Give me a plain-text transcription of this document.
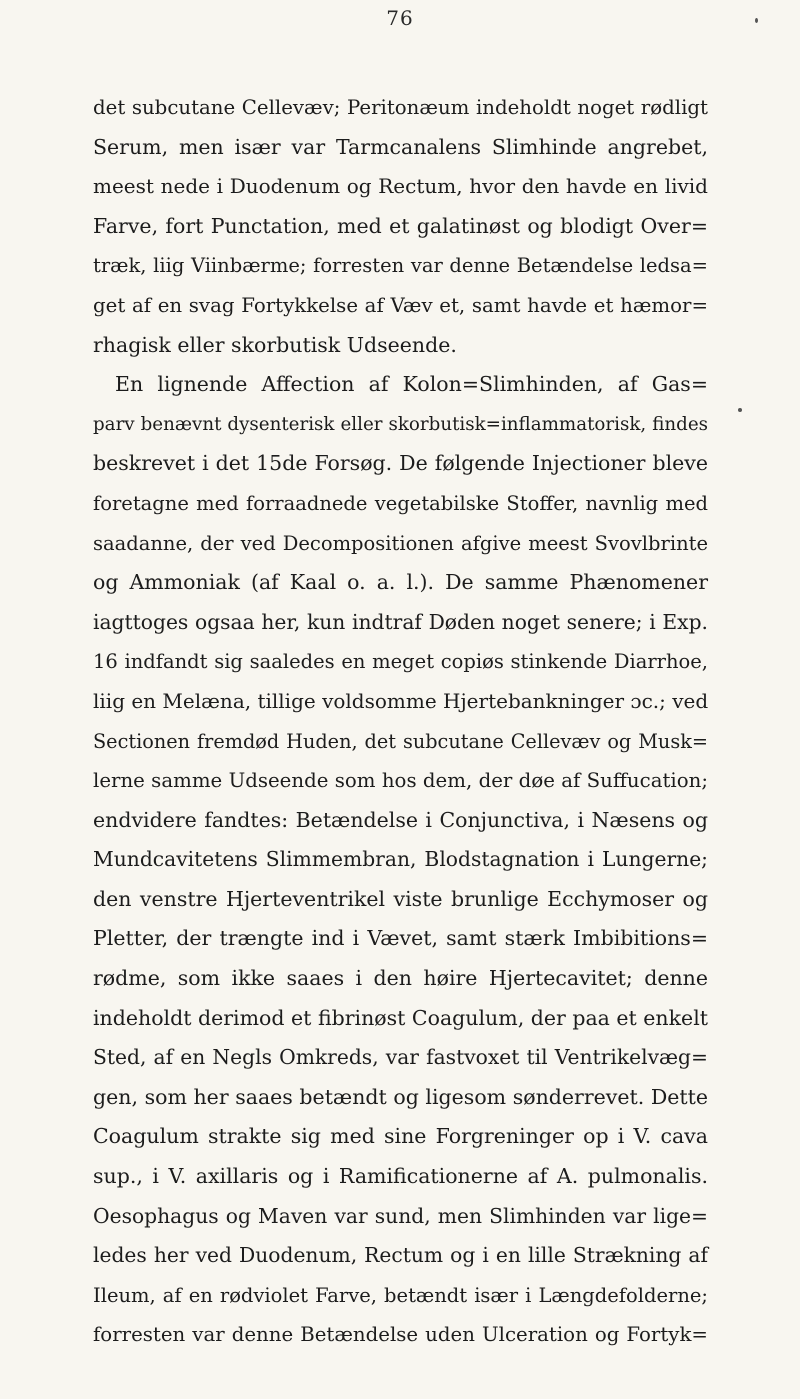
76
det subcutane Cellevæv; Peritonæum indeholdt noget rødligt
Serum, men især var Tarmcanalens Slimhinde angrebet,
meest nede i Duodenum og Rectum, hvor den havde en livid
Farve, fort Punctation, med et galatinøst og blodigt Over=
træk, liig Viinbærme; forresten var denne Betændelse ledsa=
get af en svag Fortykkelse af Væv et, samt havde et hæmor=
rhagisk eller skorbutisk Udseende.
En lignende Affection af Kolon=Slimhinden, af Gas=
parv benævnt dysenterisk eller skorbutisk=inflammatorisk, findes
beskrevet i det 15de Forsøg. De følgende Injectioner bleve
foretagne med forraadnede vegetabilske Stoffer, navnlig med
saadanne, der ved Decompositionen afgive meest Svovlbrinte
og Ammoniak (af Kaal o. a. l.). De samme Phænomener
iagttoges ogsaa her, kun indtraf Døden noget senere; i Exp.
16 indfandt sig saaledes en meget copiøs stinkende Diarrhoe,
liig en Melæna, tillige voldsomme Hjertebankninger ɔc.; ved
Sectionen fremdød Huden, det subcutane Cellevæv og Musk=
lerne samme Udseende som hos dem, der døe af Suffucation;
endvidere fandtes: Betændelse i Conjunctiva, i Næsens og
Mundcavitetens Slimmembran, Blodstagnation i Lungerne;
den venstre Hjerteventrikel viste brunlige Ecchymoser og
Pletter, der trængte ind i Vævet, samt stærk Imbibitions=
rødme, som ikke saaes i den høire Hjertecavitet; denne
indeholdt derimod et fibrinøst Coagulum, der paa et enkelt
Sted, af en Negls Omkreds, var fastvoxet til Ventrikelvæg=
gen, som her saaes betændt og ligesom sønderrevet. Dette
Coagulum strakte sig med sine Forgreninger op i V. cava
sup., i V. axillaris og i Ramificationerne af A. pulmonalis.
Oesophagus og Maven var sund, men Slimhinden var lige=
ledes her ved Duodenum, Rectum og i en lille Strækning af
Ileum, af en rødviolet Farve, betændt især i Længdefolderne;
forresten var denne Betændelse uden Ulceration og Fortyk=
